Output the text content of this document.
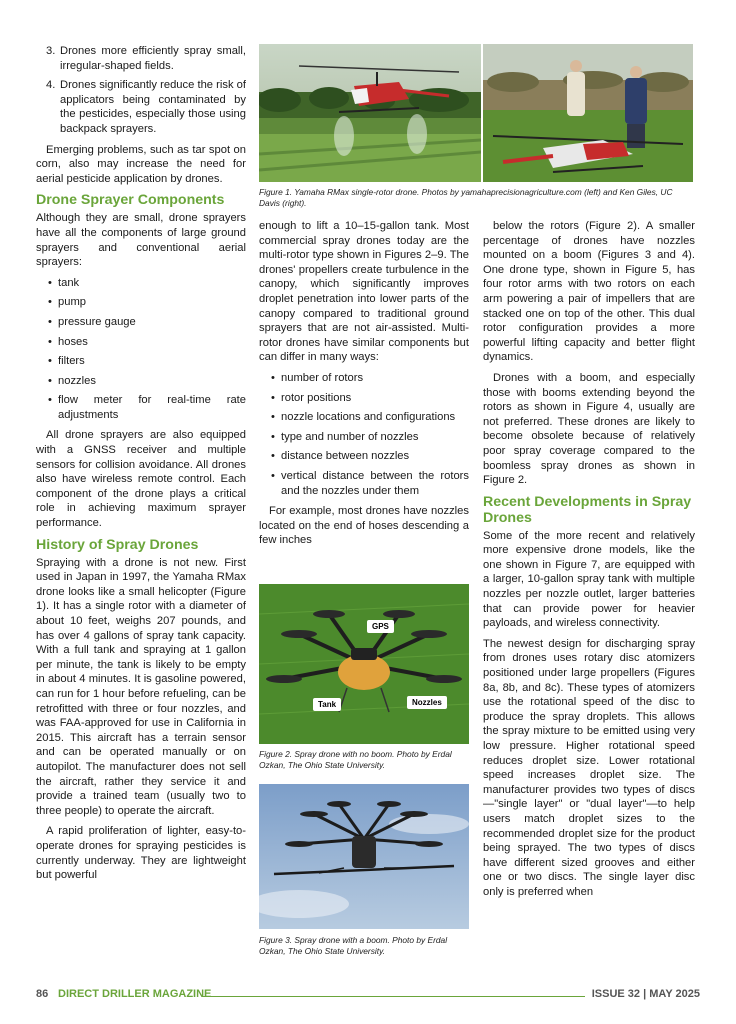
3. Drones more efficiently spray small, irregular-shaped fields.
4. Drones significantly reduce the risk of applicators being contaminated by the pesticides, especially those using backpack sprayers.

Emerging problems, such as tar spot on corn, also may increase the need for aerial pesticide application by drones.

Drone Sprayer Components

Although they are small, drone sprayers have all the components of large ground sprayers and conventional aerial sprayers:

• tank
• pump
• pressure gauge
• hoses
• filters
• nozzles
• flow meter for real-time rate adjustments

All drone sprayers are also equipped with a GNSS receiver and multiple sensors for collision avoidance. All drones also have wireless remote control. Each component of the drone plays a critical role in achieving maximum sprayer performance.

History of Spray Drones

Spraying with a drone is not new. First used in Japan in 1997, the Yamaha RMax drone looks like a small helicopter (Figure 1). It has a single rotor with a diameter of about 10 feet, weighs 207 pounds, and has over 4 gallons of spray tank capacity. With a full tank and spraying at 1 gallon per minute, the tank is likely to be empty in about 4 minutes. It is gasoline powered, can run for 1 hour before refueling, can be retrofitted with three or four nozzles, and was FAA-approved for use in California in 2015. This aircraft has a terrain sensor and can be operated manually or on autopilot. The manufacturer does not sell the aircraft, rather they service it and provide a trained team (usually two to three people) to operate the aircraft.

A rapid proliferation of lighter, easy-to-operate drones for spraying pesticides is currently underway. They are lightweight but powerful

Figure 1. Yamaha RMax single-rotor drone. Photos by yamahaprecisionagriculture.com (left) and Ken Giles, UC Davis (right).

enough to lift a 10–15-gallon tank. Most commercial spray drones today are the multi-rotor type shown in Figures 2–9. The drones' propellers create turbulence in the canopy, which significantly improves droplet penetration into lower parts of the canopy compared to traditional ground sprayers that are not air-assisted. Multi-rotor drones have similar components but can differ in many ways:

• number of rotors
• rotor positions
• nozzle locations and configurations
• type and number of nozzles
• distance between nozzles
• vertical distance between the rotors and the nozzles under them

For example, most drones have nozzles located on the end of hoses descending a few inches

GPS
Tank	Nozzles
Figure 2. Spray drone with no boom. Photo by Erdal Ozkan, The Ohio State University.
Figure 3. Spray drone with a boom. Photo by Erdal Ozkan, The Ohio State University.

below the rotors (Figure 2). A smaller percentage of drones have nozzles mounted on a boom (Figures 3 and 4). One drone type, shown in Figure 5, has four rotor arms with two rotors on each arm powering a pair of impellers that are stacked one on top of the other. This dual rotor configuration provides a more powerful lifting capacity and better flight dynamics.

Drones with a boom, and especially those with booms extending beyond the rotors as shown in Figure 4, usually are not preferred. These drones are likely to become obsolete because of relatively poor spray coverage compared to the boomless spray drones as shown in Figure 2.

Recent Developments in Spray Drones

Some of the more recent and relatively more expensive drone models, like the one shown in Figure 7, are equipped with a larger, 10-gallon spray tank with multiple nozzles per nozzle outlet, larger batteries that can provide power for heavier payloads, and wireless connectivity.

The newest design for discharging spray from drones uses rotary disc atomizers positioned under large propellers (Figures 8a, 8b, and 8c). These types of atomizers use the rotational speed of the disc to produce the spray droplets. This allows the spray mixture to be emitted using very low pressure. Higher rotational speed reduces droplet size. Lower rotational speed increases droplet size. The manufacturer provides two types of discs—"single layer" or "dual layer"—to help users match droplet sizes to the recommended droplet size for the product being sprayed. The two types of discs have different sized grooves and either one or two discs. The single layer disc only is preferred when

86 DIRECT DRILLER MAGAZINE	ISSUE 32 | MAY 2025
